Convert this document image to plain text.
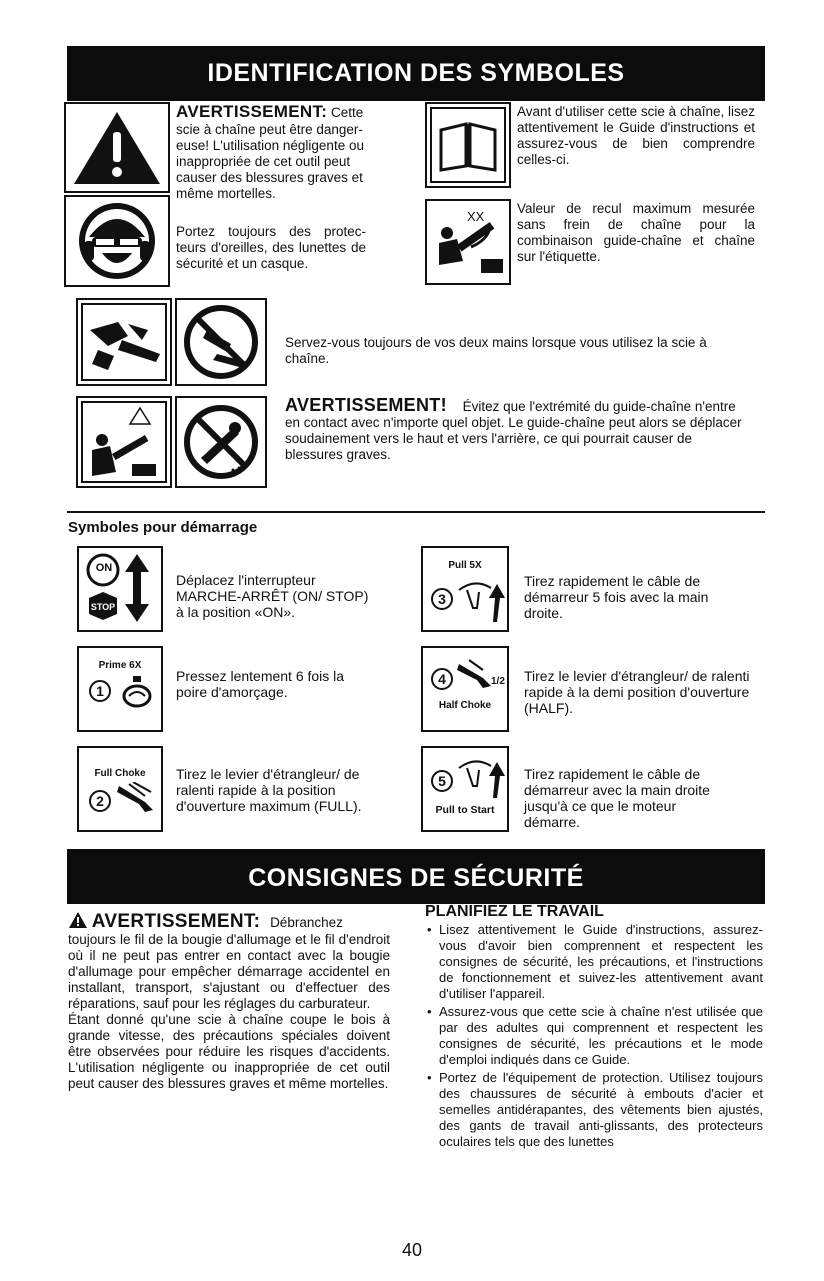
IDENTIFICATION DES SYMBOLES
AVERTISSEMENT: Cette
scie à chaîne peut être danger-euse! L'utilisation négligente ou inappropriée de cet outil peut causer des blessures graves et même mortelles.
Portez toujours des protec-teurs d'oreilles, des lunettes de sécurité et un casque.
Avant d'utiliser cette scie à chaîne, lisez attentivement le Guide d'instructions et assurez-vous de bien comprendre celles-ci.
XX
Valeur de recul maximum mesurée sans frein de chaîne pour la combinaison guide-chaîne et chaîne sur l'étiquette.
Servez-vous toujours de vos deux mains lorsque vous utilisez la scie à chaîne.
AVERTISSEMENT! Évitez que l'extrémité du guide-chaîne n'entre en contact avec n'importe quel objet. Le guide-chaîne peut alors se déplacer soudainement vers le haut et vers l'arrière, ce qui pourrait causer de blessures graves.
Symboles pour démarrage
ON
STOP
Déplacez l'interrupteur MARCHE-ARRÊT (ON/ STOP) à la position «ON».
Prime 6X
1
Pressez lentement 6 fois la poire d'amorçage.
Full Choke
2
Tirez le levier d'étrangleur/ de ralenti rapide à la position d'ouverture maximum (FULL).
Pull 5X
3
Tirez rapidement le câble de démarreur 5 fois avec la main droite.
4	1/2
Half Choke
Tirez le levier d'étrangleur/ de ralenti rapide à la demi position d'ouverture (HALF).
5
Pull to Start
Tirez rapidement le câble de démarreur avec la main droite jusqu'à ce que le moteur démarre.
CONSIGNES DE SÉCURITÉ
AVERTISSEMENT: Débranchez
toujours le fil de la bougie d'allumage et le fil d'endroit où il ne peut pas entrer en contact avec la bougie d'allumage pour empêcher démarrage accidentel en installant, transport, s'ajustant ou d'effectuer des réparations, sauf pour les réglages du carburateur.
Étant donné qu'une scie à chaîne coupe le bois à grande vitesse, des précautions spéciales doivent être observées pour réduire les risques d'accidents. L'utilisation négligente ou inappropriée de cet outil peut causer des blessures graves et même mortelles.
PLANIFIEZ LE TRAVAIL
• Lisez attentivement le Guide d'instructions, assurez-vous d'avoir bien comprennent et respectent les consignes de sécurité, les précautions, et l'instructions de fonctionnement et suivez-les attentivement avant d'utiliser l'appareil.
• Assurez-vous que cette scie à chaîne n'est utilisée que par des adultes qui comprennent et respectent les consignes de sécurité, les précautions et le mode d'emploi indiqués dans ce Guide.
• Portez de l'équipement de protection. Utilisez toujours des chaussures de sécurité à embouts d'acier et semelles antidérapantes, des vêtements bien ajustés, des gants de travail anti-glissants, des protecteurs oculaires tels que des lunettes
40
